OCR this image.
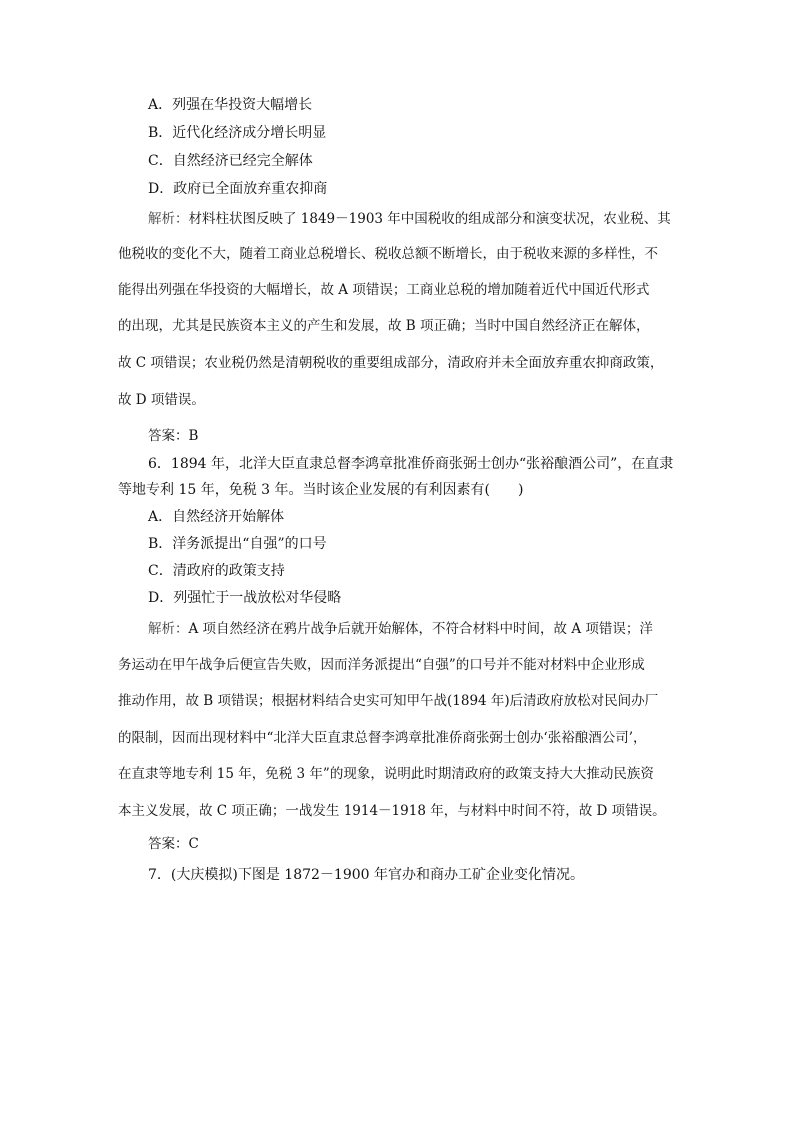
A．列强在华投资大幅增长
B．近代化经济成分增长明显
C．自然经济已经完全解体
D．政府已全面放弃重农抑商
解析：材料柱状图反映了 1849－1903 年中国税收的组成部分和演变状况，农业税、其
他税收的变化不大，随着工商业总税增长、税收总额不断增长，由于税收来源的多样性，不
能得出列强在华投资的大幅增长，故 A 项错误；工商业总税的增加随着近代中国近代形式
的出现，尤其是民族资本主义的产生和发展，故 B 项正确；当时中国自然经济正在解体，
故 C 项错误；农业税仍然是清朝税收的重要组成部分，清政府并未全面放弃重农抑商政策，
故 D 项错误。
答案：B
6．1894 年，北洋大臣直隶总督李鸿章批准侨商张弼士创办“张裕酿酒公司”，在直隶
等地专利 15 年，免税 3 年。当时该企业发展的有利因素有(　　)
A．自然经济开始解体
B．洋务派提出“自强”的口号
C．清政府的政策支持
D．列强忙于一战放松对华侵略
解析：A 项自然经济在鸦片战争后就开始解体，不符合材料中时间，故 A 项错误；洋
务运动在甲午战争后便宣告失败，因而洋务派提出“自强”的口号并不能对材料中企业形成
推动作用，故 B 项错误；根据材料结合史实可知甲午战(1894 年)后清政府放松对民间办厂
的限制，因而出现材料中“北洋大臣直隶总督李鸿章批准侨商张弼士创办‘张裕酿酒公司’，
在直隶等地专利 15 年，免税 3 年”的现象，说明此时期清政府的政策支持大大推动民族资
本主义发展，故 C 项正确；一战发生 1914－1918 年，与材料中时间不符，故 D 项错误。
答案：C
7．(大庆模拟)下图是 1872－1900 年官办和商办工矿企业变化情况。
